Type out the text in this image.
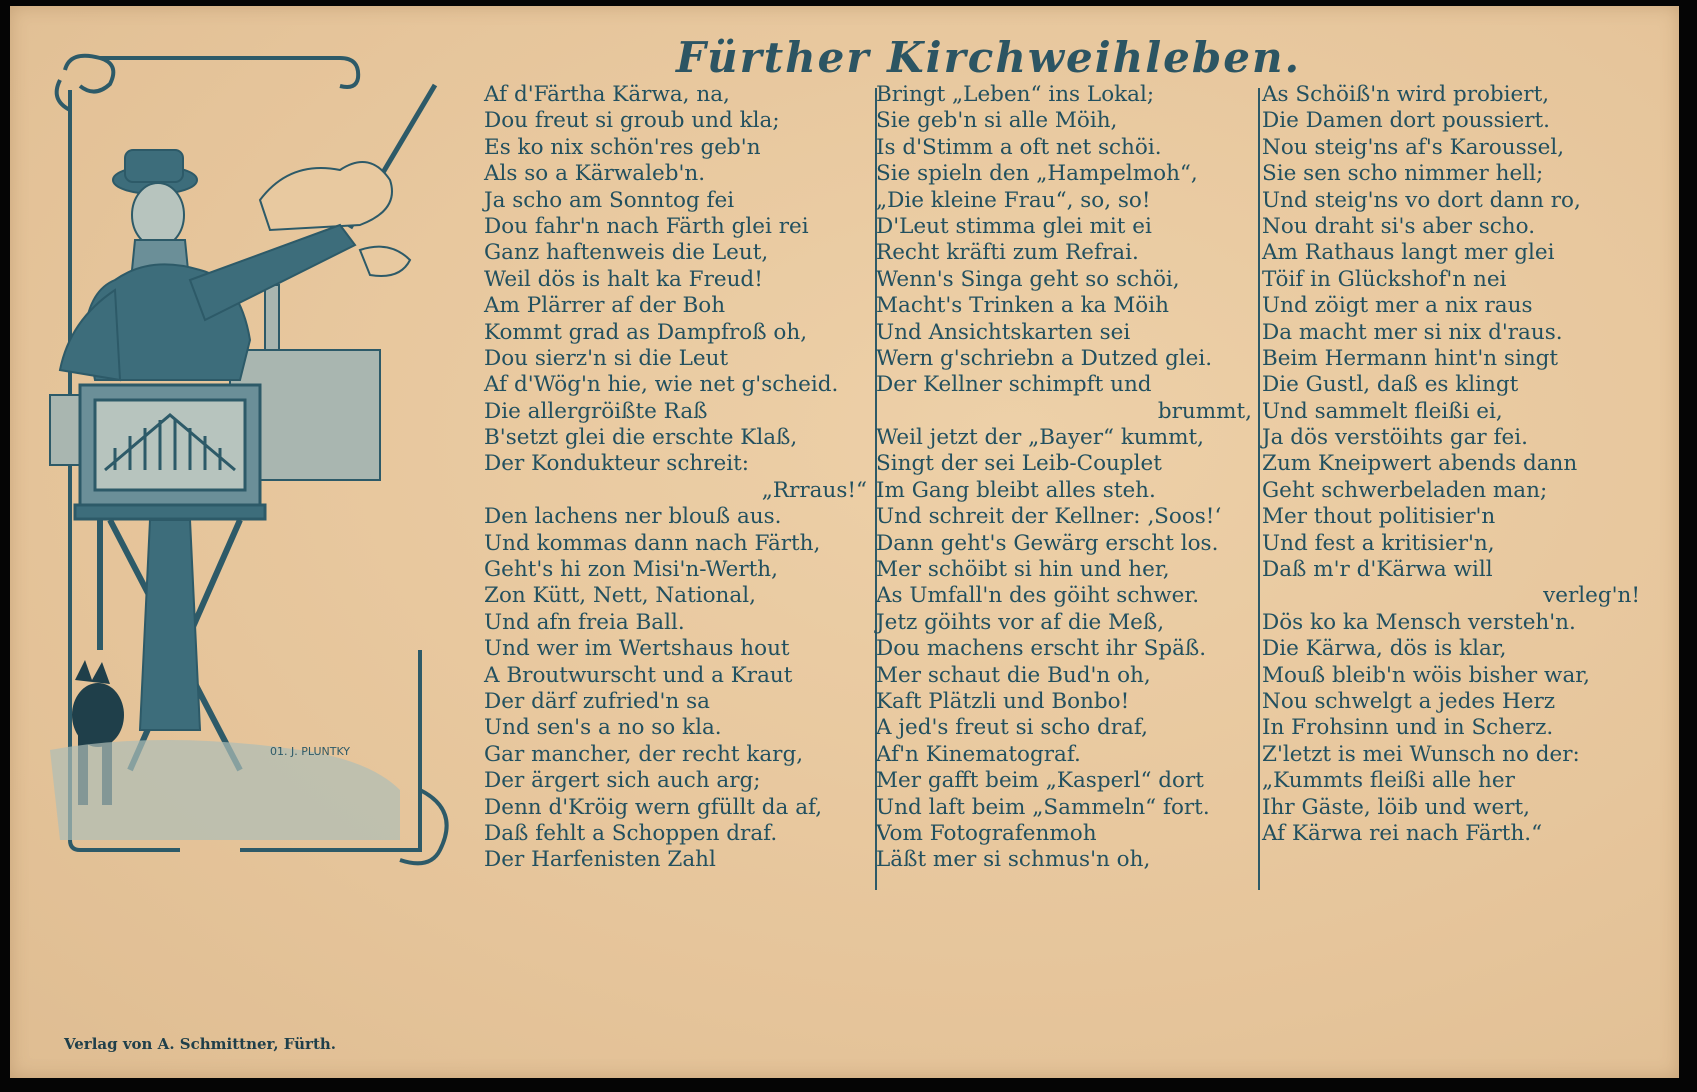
Fürther Kirchweihleben.
01. J. PLUNTKY
Af d'Färtha Kärwa, na,
Dou freut si groub und kla;
Es ko nix schön'res geb'n
Als so a Kärwaleb'n.
Ja scho am Sonntog fei
Dou fahr'n nach Färth glei rei
Ganz haftenweis die Leut,
Weil dös is halt ka Freud!
Am Plärrer af der Boh
Kommt grad as Dampfroß oh,
Dou sierz'n si die Leut
Af d'Wög'n hie, wie net g'scheid.
Die allergröißte Raß
B'setzt glei die erschte Klaß,
Der Kondukteur schreit:
„Rrraus!“
Den lachens ner blouß aus.
Und kommas dann nach Färth,
Geht's hi zon Misi'n-Werth,
Zon Kütt, Nett, National,
Und afn freia Ball.
Und wer im Wertshaus hout
A Broutwurscht und a Kraut
Der därf zufried'n sa
Und sen's a no so kla.
Gar mancher, der recht karg,
Der ärgert sich auch arg;
Denn d'Kröig wern gfüllt da af,
Daß fehlt a Schoppen draf.
Der Harfenisten Zahl
Bringt „Leben“ ins Lokal;
Sie geb'n si alle Möih,
Is d'Stimm a oft net schöi.
Sie spieln den „Hampelmoh“,
„Die kleine Frau“, so, so!
D'Leut stimma glei mit ei
Recht kräfti zum Refrai.
Wenn's Singa geht so schöi,
Macht's Trinken a ka Möih
Und Ansichtskarten sei
Wern g'schriebn a Dutzed glei.
Der Kellner schimpft und
brummt,
Weil jetzt der „Bayer“ kummt,
Singt der sei Leib-Couplet
Im Gang bleibt alles steh.
Und schreit der Kellner: ‚Soos!‘
Dann geht's Gewärg erscht los.
Mer schöibt si hin und her,
As Umfall'n des göiht schwer.
Jetz göihts vor af die Meß,
Dou machens erscht ihr Späß.
Mer schaut die Bud'n oh,
Kaft Plätzli und Bonbo!
A jed's freut si scho draf,
Af'n Kinematograf.
Mer gafft beim „Kasperl“ dort
Und laft beim „Sammeln“ fort.
Vom Fotografenmoh
Läßt mer si schmus'n oh,
As Schöiß'n wird probiert,
Die Damen dort poussiert.
Nou steig'ns af's Karoussel,
Sie sen scho nimmer hell;
Und steig'ns vo dort dann ro,
Nou draht si's aber scho.
Am Rathaus langt mer glei
Töif in Glückshof'n nei
Und zöigt mer a nix raus
Da macht mer si nix d'raus.
Beim Hermann hint'n singt
Die Gustl, daß es klingt
Und sammelt fleißi ei,
Ja dös verstöihts gar fei.
Zum Kneipwert abends dann
Geht schwerbeladen man;
Mer thout politisier'n
Und fest a kritisier'n,
Daß m'r d'Kärwa will
verleg'n!
Dös ko ka Mensch versteh'n.
Die Kärwa, dös is klar,
Mouß bleib'n wöis bisher war,
Nou schwelgt a jedes Herz
In Frohsinn und in Scherz.
Z'letzt is mei Wunsch no der:
„Kummts fleißi alle her
Ihr Gäste, löib und wert,
Af Kärwa rei nach Färth.“
Verlag von A. Schmittner, Fürth.
